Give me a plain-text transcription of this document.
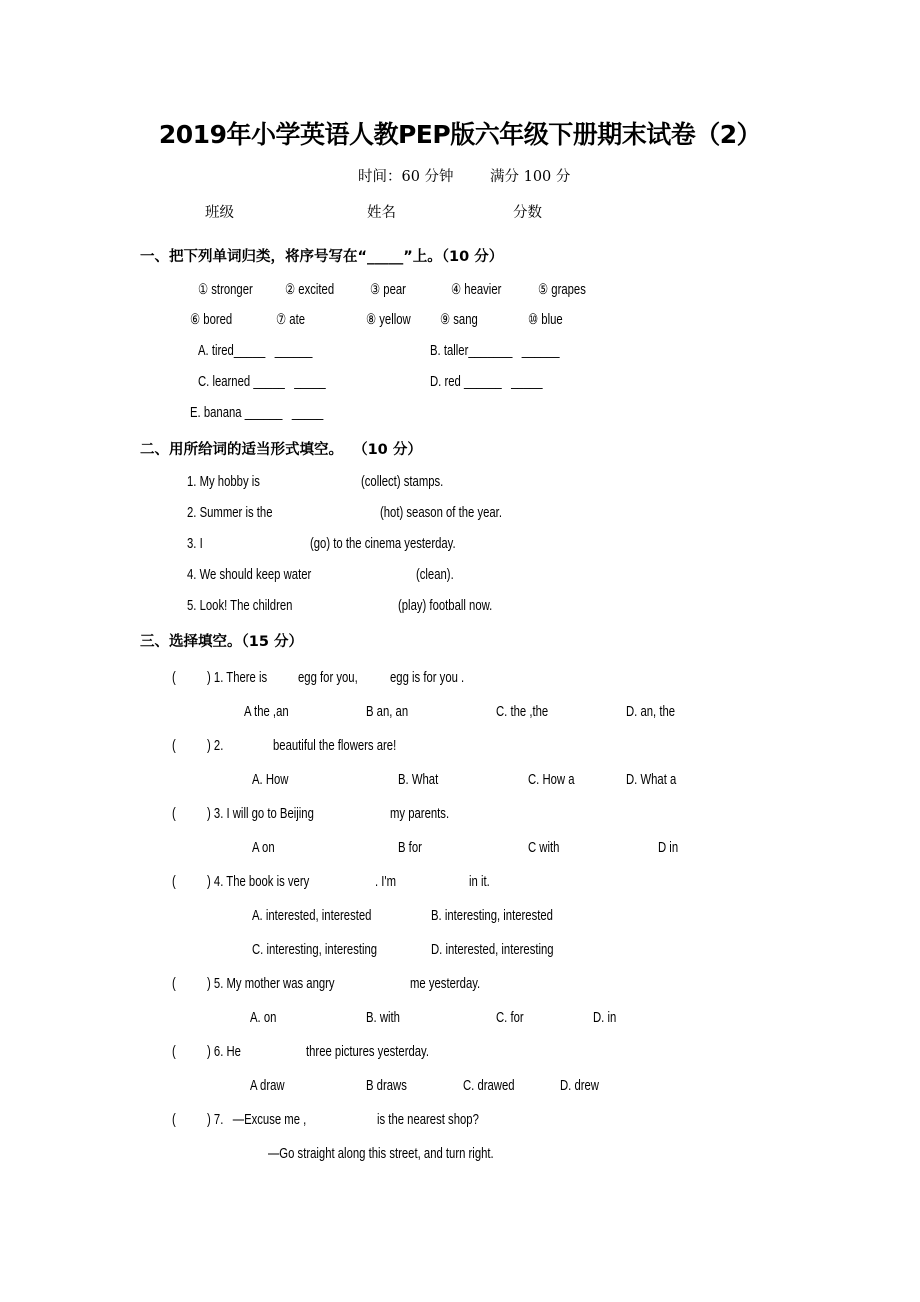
2019年小学英语人教PEP版六年级下册期末试卷（2）
时间：60 分钟	满分 100 分
班级	姓名	分数
一、把下列单词归类，将序号写在“_____”上。（10 分）
① stronger ② excited ③ pear	④ heavier	⑤ grapes
⑥ bored	⑦ ate	⑧ yellow ⑨ sang	⑩ blue
A. tired_____   ______	B. taller_______   ______
C. learned _____   _____	D. red ______   _____
E. banana ______   _____
二、用所给词的适当形式填空。  （10 分）
1. My hobby is	(collect) stamps.
2. Summer is the	(hot) season of the year.
3. I	(go) to the cinema yesterday.
4. We should keep water	(clean).
5. Look! The children	(play) football now.
三、选择填空。（15 分）
( ) 1. There is egg for you, egg is for you .
A the ,an	B an, an	C. the ,the	D. an, the
( ) 2.	beautiful the flowers are!
A. How	B. What	C. How a	D. What a
( ) 3. I will go to Beijing	my parents.
A on	B for	C with	D in
( ) 4. The book is very	. I'm	in it.
A. interested, interested	B. interesting, interested
C. interesting, interesting	D. interested, interesting
( ) 5. My mother was angry	me yesterday.
A. on	B. with	C. for	D. in
( ) 6. He	three pictures yesterday.
A draw	B draws	C. drawed	D. drew
( ) 7.   —Excuse me ,	is the nearest shop?
—Go straight along this street, and turn right.
